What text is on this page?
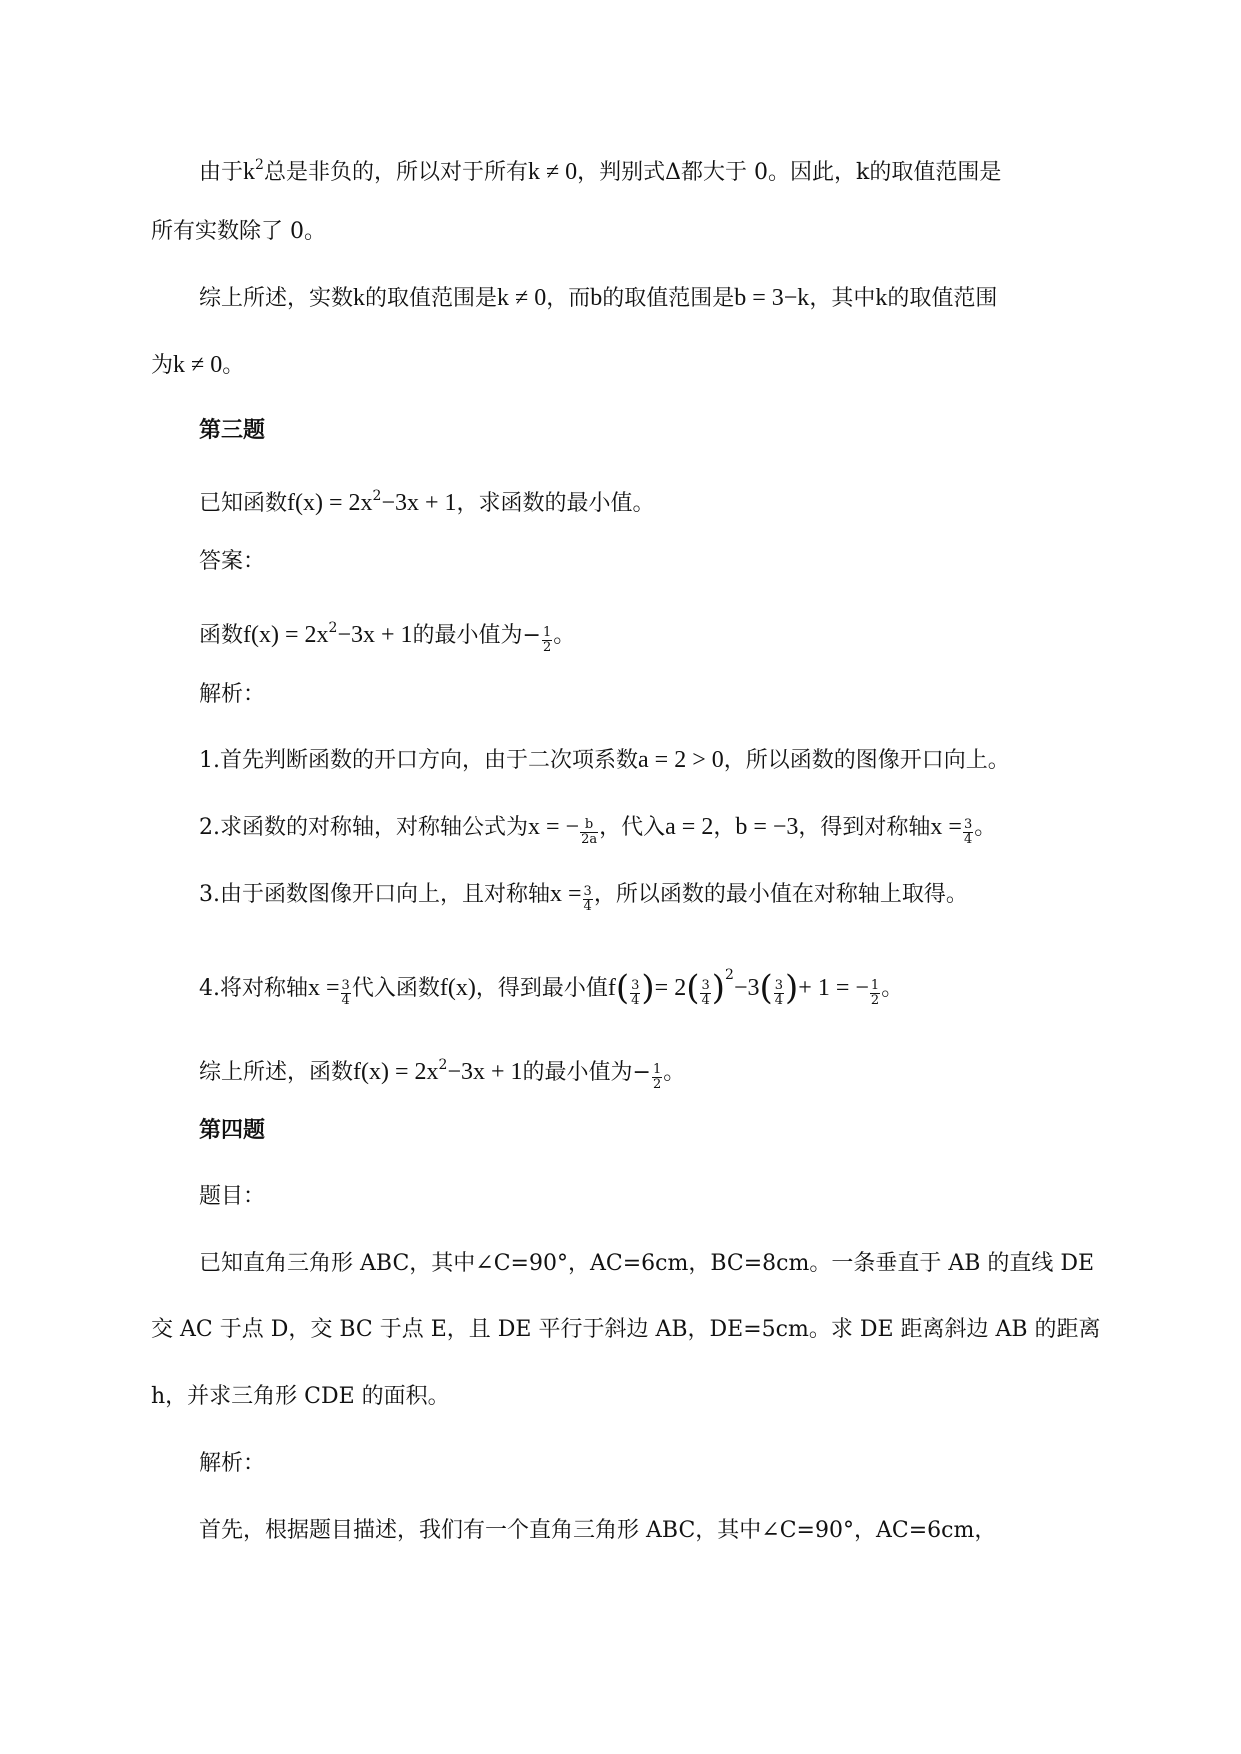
由于$k^2$总是非负的，所以对于所有k ≠ 0，判别式Δ都大于 0。因此，k的取值范围是
所有实数除了 0。
综上所述，实数k的取值范围是k ≠ 0，而b的取值范围是b = 3−k，其中k的取值范围
为k ≠ 0。
第三题
已知函数$f(x) = 2x^2-3x + 1$，求函数的最小值。
答案：
函数$f(x) = 2x^2-3x + 1$的最小值为− $\frac{1}{2}$ 。
解析：
1.首先判断函数的开口方向，由于二次项系数a = 2 > 0，所以函数的图像开口向上。
2.求函数的对称轴，对称轴公式为x = − $\frac{b}{2a}$ ，代入a = 2，b = −3，得到对称轴$x = \frac{3}{4}$ 。
3.由于函数图像开口向上，且对称轴$x = \frac{3}{4}$ ，所以函数的最小值在对称轴上取得。
4.将对称轴$x = \frac{3}{4}$ 代入函数f(x)，得到最小值$f( \frac{3}{4}$ )= $2( \frac{3}{4} )^2-3( \frac{3}{4}$ )+ 1 = − $\frac{1}{2}$ 。
综上所述，函数$f(x) = 2x^2-3x + 1$的最小值为− $\frac{1}{2}$ 。
第四题
题目：
已知直角三角形 ABC，其中∠C=90°，AC=6cm，BC=8cm。一条垂直于 AB 的直线 DE
交 AC 于点 D，交 BC 于点 E，且 DE 平行于斜边 AB，DE=5cm。求 DE 距离斜边 AB 的距离
h，并求三角形 CDE 的面积。
解析：
首先，根据题目描述，我们有一个直角三角形 ABC，其中∠C=90°，AC=6cm，
